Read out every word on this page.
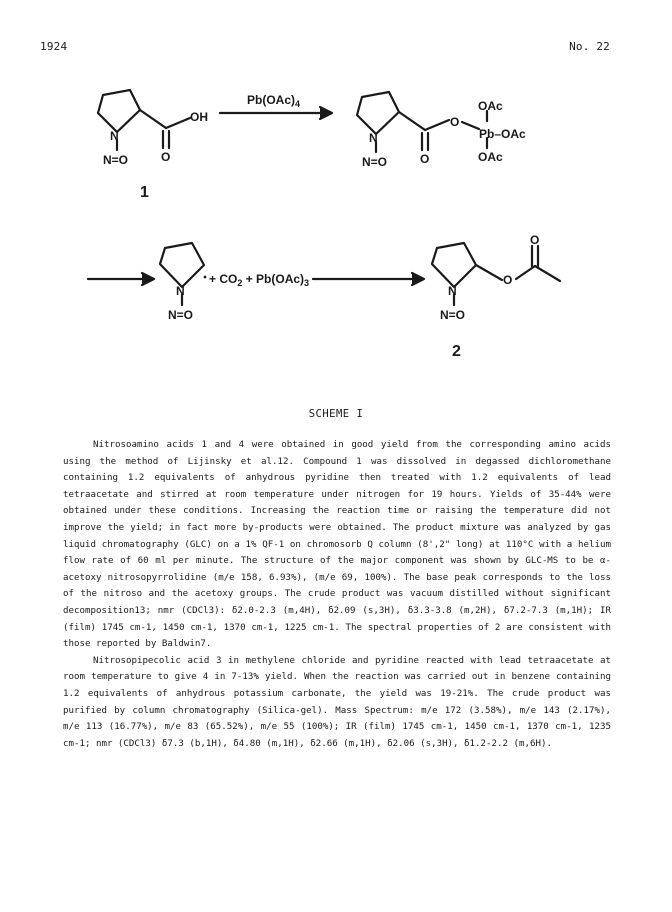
1924	No. 22
N
N=O
OH
O
1
$Pb(OAc)_4$
N
N=O	O
O
OAc
Pb–OAc
OAc
N
N=O
+ $CO_2 + Pb(OAc)_3$
N
N=O
O
O
2
SCHEME I

Nitrosoamino acids 1 and 4 were obtained in good yield from the corresponding amino acids using the method of Lijinsky et al.12. Compound 1 was dissolved in degassed dichloromethane containing 1.2 equivalents of anhydrous pyridine then treated with 1.2 equivalents of lead tetraacetate and stirred at room temperature under nitrogen for 19 hours. Yields of 35-44% were obtained under these conditions. Increasing the reaction time or raising the temperature did not improve the yield; in fact more by-products were obtained. The product mixture was analyzed by gas liquid chromatography (GLC) on a 1% QF-1 on chromosorb Q column (8',2" long) at 110°C with a helium flow rate of 60 ml per minute. The structure of the major component was shown by GLC-MS to be α-acetoxy nitrosopyrrolidine (m/e 158, 6.93%), (m/e 69, 100%). The base peak corresponds to the loss of the nitroso and the acetoxy groups. The crude product was vacuum distilled without significant decomposition13; nmr (CDCl3): δ2.0-2.3 (m,4H), δ2.09 (s,3H), δ3.3-3.8 (m,2H), δ7.2-7.3 (m,1H); IR (film) 1745 cm-1, 1450 cm-1, 1370 cm-1, 1225 cm-1. The spectral properties of 2 are consistent with those reported by Baldwin7.

Nitrosopipecolic acid 3 in methylene chloride and pyridine reacted with lead tetraacetate at room temperature to give 4 in 7-13% yield. When the reaction was carried out in benzene containing 1.2 equivalents of anhydrous potassium carbonate, the yield was 19-21%. The crude product was purified by column chromatography (Silica-gel). Mass Spectrum: m/e 172 (3.58%), m/e 143 (2.17%), m/e 113 (16.77%), m/e 83 (65.52%), m/e 55 (100%); IR (film) 1745 cm-1, 1450 cm-1, 1370 cm-1, 1235 cm-1; nmr (CDCl3) δ7.3 (b,1H), δ4.80 (m,1H), δ2.66 (m,1H), δ2.06 (s,3H), δ1.2-2.2 (m,6H).
